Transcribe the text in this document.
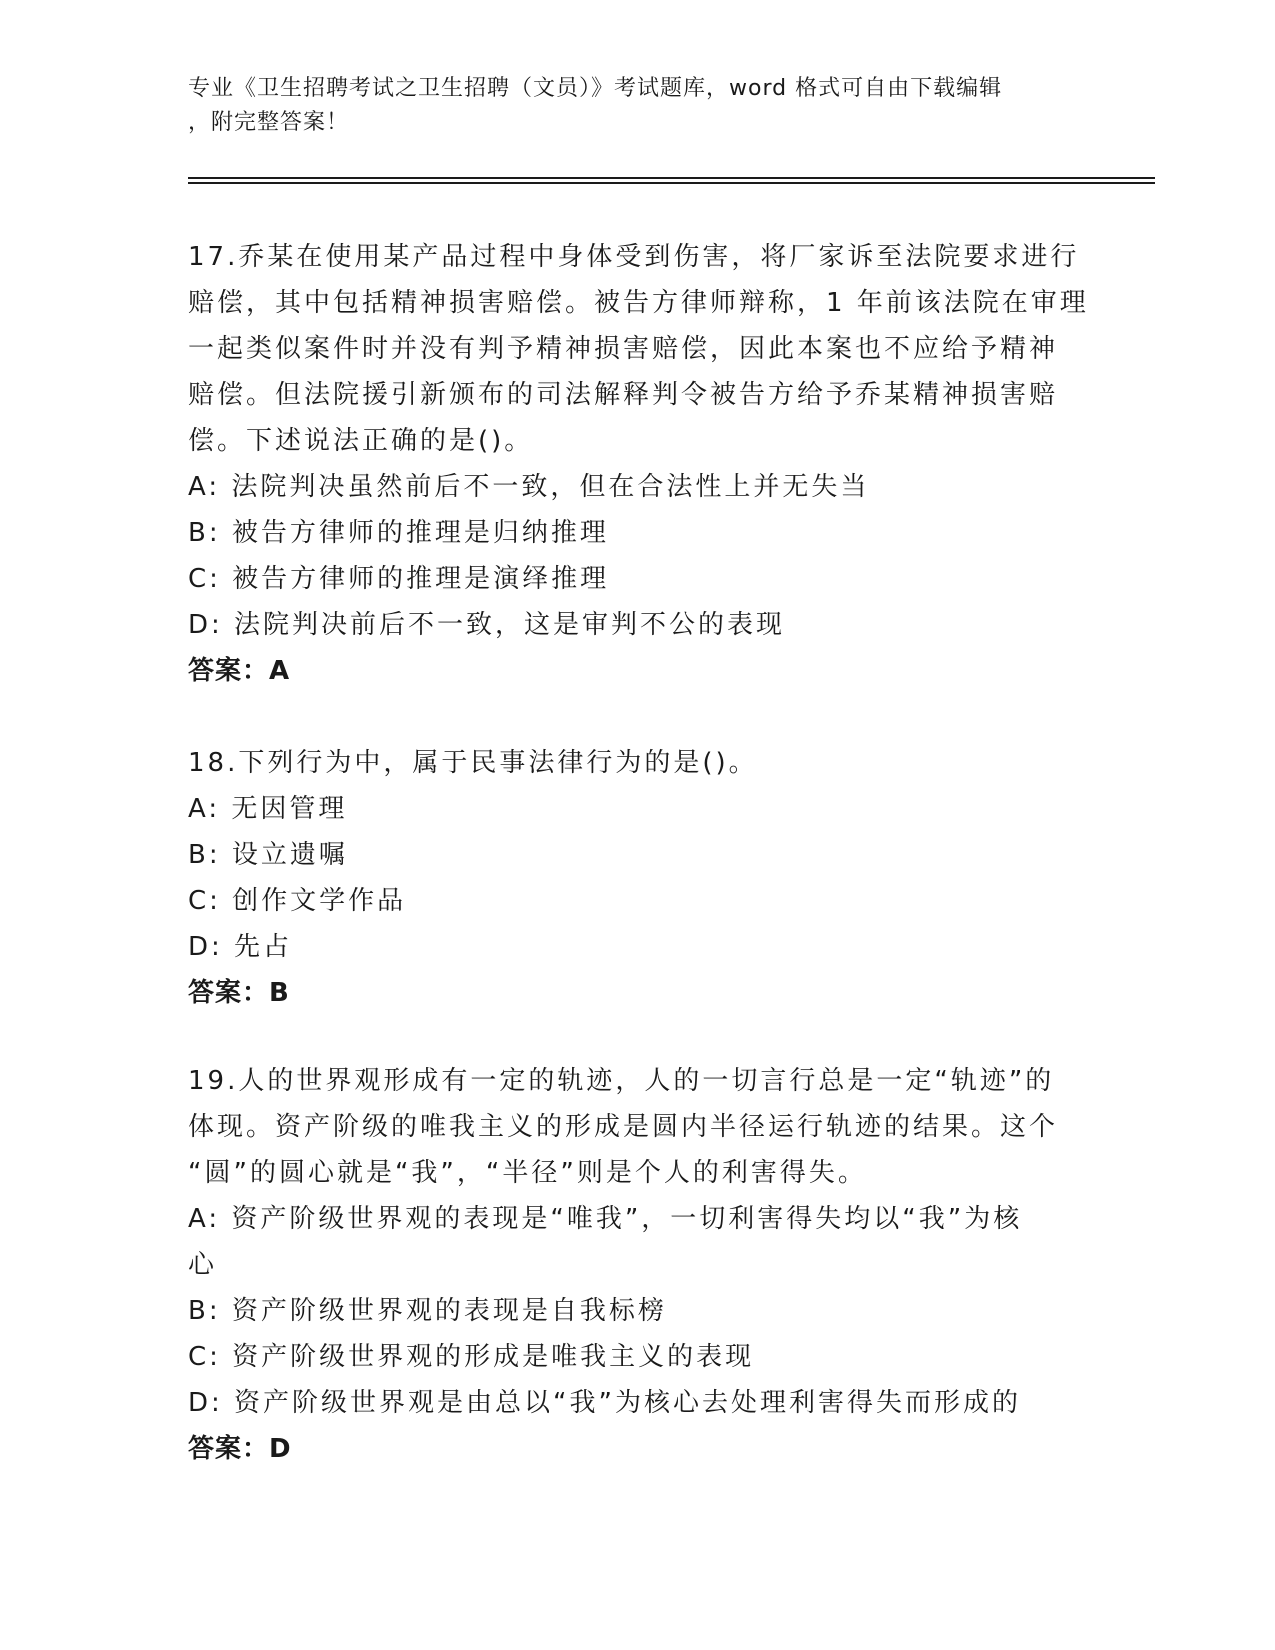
专业《卫生招聘考试之卫生招聘（文员）》考试题库，word 格式可自由下载编辑
，附完整答案！
17.乔某在使用某产品过程中身体受到伤害，将厂家诉至法院要求进行
赔偿，其中包括精神损害赔偿。被告方律师辩称，1 年前该法院在审理
一起类似案件时并没有判予精神损害赔偿，因此本案也不应给予精神
赔偿。但法院援引新颁布的司法解释判令被告方给予乔某精神损害赔
偿。下述说法正确的是()。
A: 法院判决虽然前后不一致，但在合法性上并无失当
B: 被告方律师的推理是归纳推理
C: 被告方律师的推理是演绎推理
D: 法院判决前后不一致，这是审判不公的表现
答案：A
18.下列行为中，属于民事法律行为的是()。
A: 无因管理
B: 设立遗嘱
C: 创作文学作品
D: 先占
答案：B
19.人的世界观形成有一定的轨迹，人的一切言行总是一定“轨迹”的
体现。资产阶级的唯我主义的形成是圆内半径运行轨迹的结果。这个
“圆”的圆心就是“我”，“半径”则是个人的利害得失。
A: 资产阶级世界观的表现是“唯我”，一切利害得失均以“我”为核
心
B: 资产阶级世界观的表现是自我标榜
C: 资产阶级世界观的形成是唯我主义的表现
D: 资产阶级世界观是由总以“我”为核心去处理利害得失而形成的
答案：D
